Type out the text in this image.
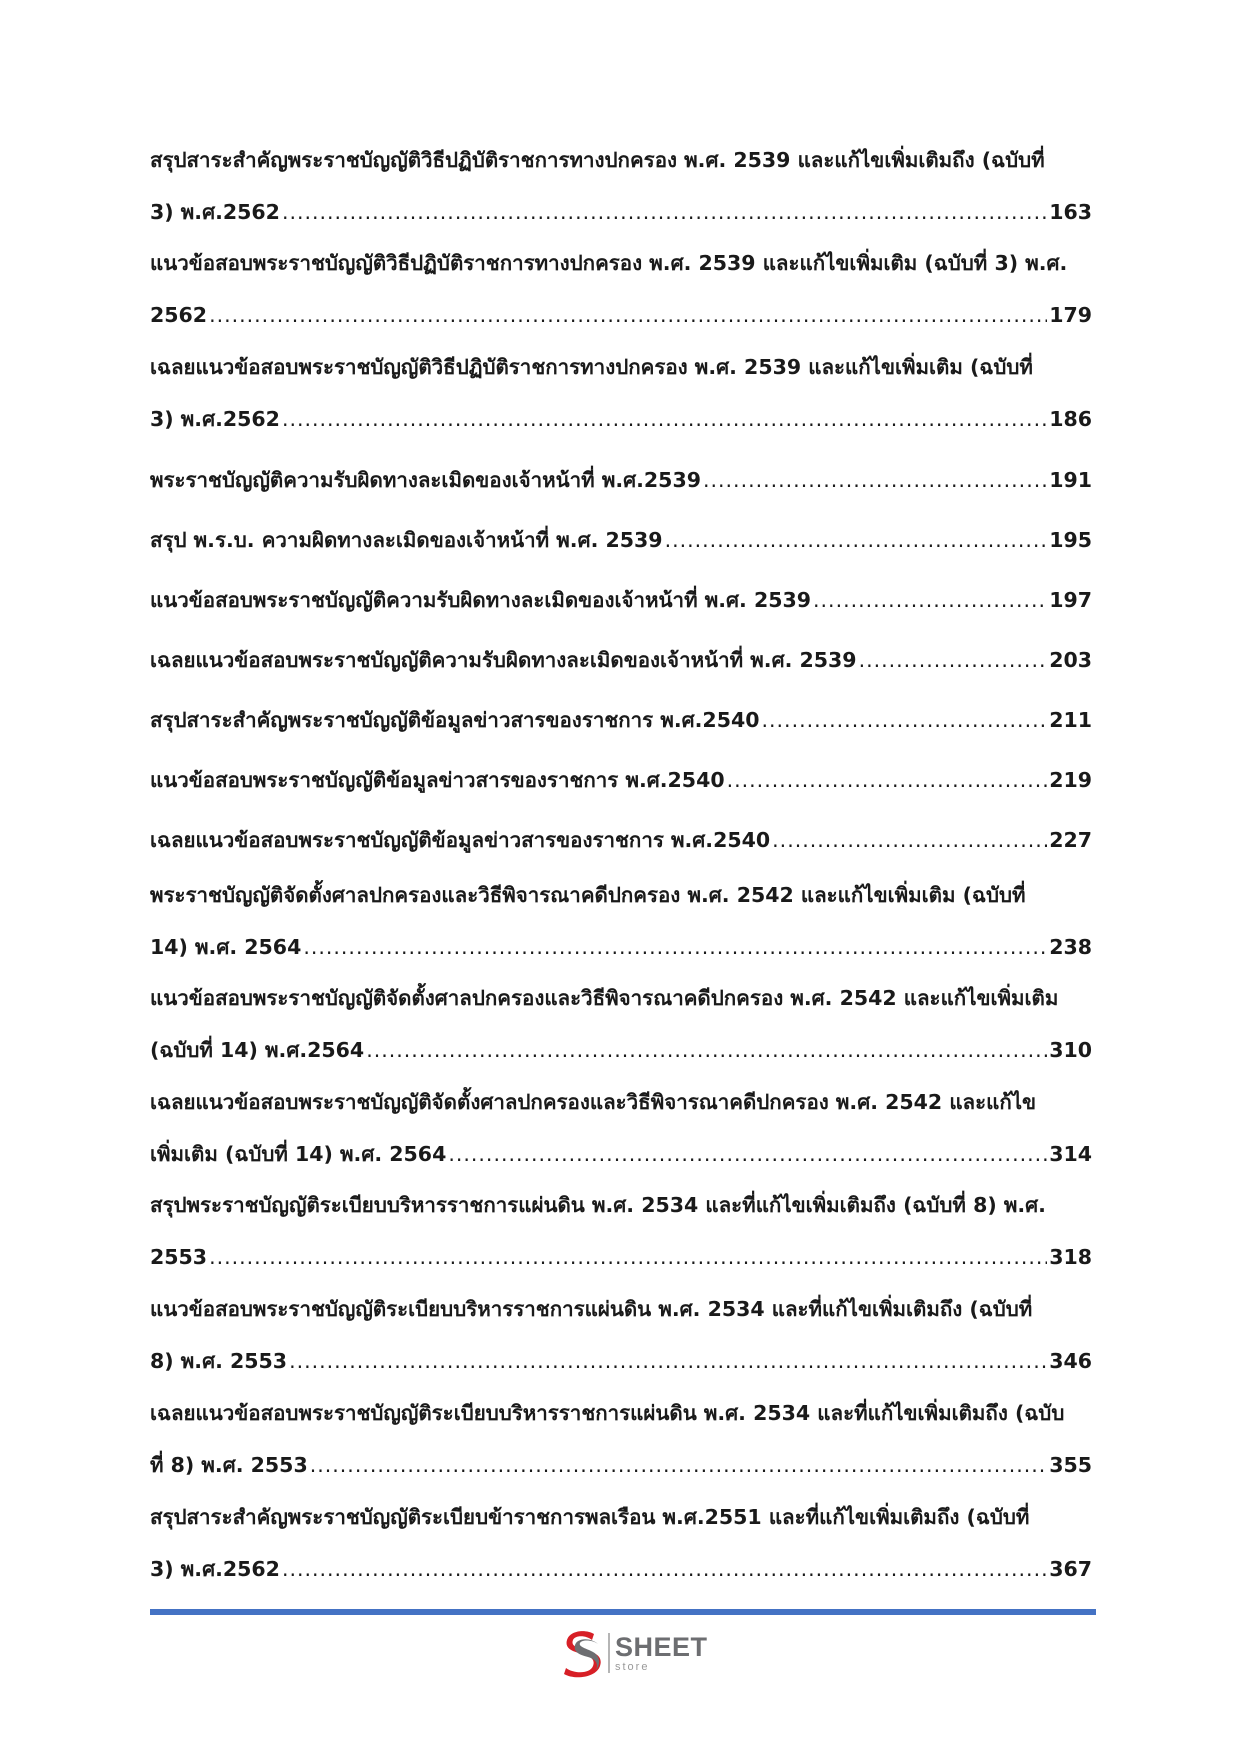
สรุปสาระสำคัญพระราชบัญญัติวิธีปฏิบัติราชการทางปกครอง พ.ศ. 2539 และแก้ไขเพิ่มเติมถึง (ฉบับที่
3) พ.ศ.2562 .....	163
แนวข้อสอบพระราชบัญญัติวิธีปฏิบัติราชการทางปกครอง พ.ศ. 2539 และแก้ไขเพิ่มเติม (ฉบับที่ 3) พ.ศ.
2562 .....	179
เฉลยแนวข้อสอบพระราชบัญญัติวิธีปฏิบัติราชการทางปกครอง พ.ศ. 2539 และแก้ไขเพิ่มเติม (ฉบับที่
3) พ.ศ.2562 .....	186
พระราชบัญญัติความรับผิดทางละเมิดของเจ้าหน้าที่ พ.ศ.2539 .....	191
สรุป พ.ร.บ. ความผิดทางละเมิดของเจ้าหน้าที่ พ.ศ. 2539 .....	195
แนวข้อสอบพระราชบัญญัติความรับผิดทางละเมิดของเจ้าหน้าที่ พ.ศ. 2539 .....	197
เฉลยแนวข้อสอบพระราชบัญญัติความรับผิดทางละเมิดของเจ้าหน้าที่ พ.ศ. 2539 .....	203
สรุปสาระสำคัญพระราชบัญญัติข้อมูลข่าวสารของราชการ พ.ศ.2540 .....	211
แนวข้อสอบพระราชบัญญัติข้อมูลข่าวสารของราชการ พ.ศ.2540 .....	219
เฉลยแนวข้อสอบพระราชบัญญัติข้อมูลข่าวสารของราชการ พ.ศ.2540 .....	227
พระราชบัญญัติจัดตั้งศาลปกครองและวิธีพิจารณาคดีปกครอง พ.ศ. 2542 และแก้ไขเพิ่มเติม (ฉบับที่
14) พ.ศ. 2564 .....	238
แนวข้อสอบพระราชบัญญัติจัดตั้งศาลปกครองและวิธีพิจารณาคดีปกครอง พ.ศ. 2542 และแก้ไขเพิ่มเติม
(ฉบับที่ 14) พ.ศ.2564 .....	310
เฉลยแนวข้อสอบพระราชบัญญัติจัดตั้งศาลปกครองและวิธีพิจารณาคดีปกครอง พ.ศ. 2542 และแก้ไข
เพิ่มเติม (ฉบับที่ 14) พ.ศ. 2564 .....	314
สรุปพระราชบัญญัติระเบียบบริหารราชการแผ่นดิน พ.ศ. 2534 และที่แก้ไขเพิ่มเติมถึง (ฉบับที่ 8) พ.ศ.
2553 .....	318
แนวข้อสอบพระราชบัญญัติระเบียบบริหารราชการแผ่นดิน พ.ศ. 2534 และที่แก้ไขเพิ่มเติมถึง (ฉบับที่
8) พ.ศ. 2553 .....	346
เฉลยแนวข้อสอบพระราชบัญญัติระเบียบบริหารราชการแผ่นดิน พ.ศ. 2534 และที่แก้ไขเพิ่มเติมถึง (ฉบับ
ที่ 8) พ.ศ. 2553 .....	355
สรุปสาระสำคัญพระราชบัญญัติระเบียบข้าราชการพลเรือน พ.ศ.2551 และที่แก้ไขเพิ่มเติมถึง (ฉบับที่
3) พ.ศ.2562 .....	367
SHEET
store
